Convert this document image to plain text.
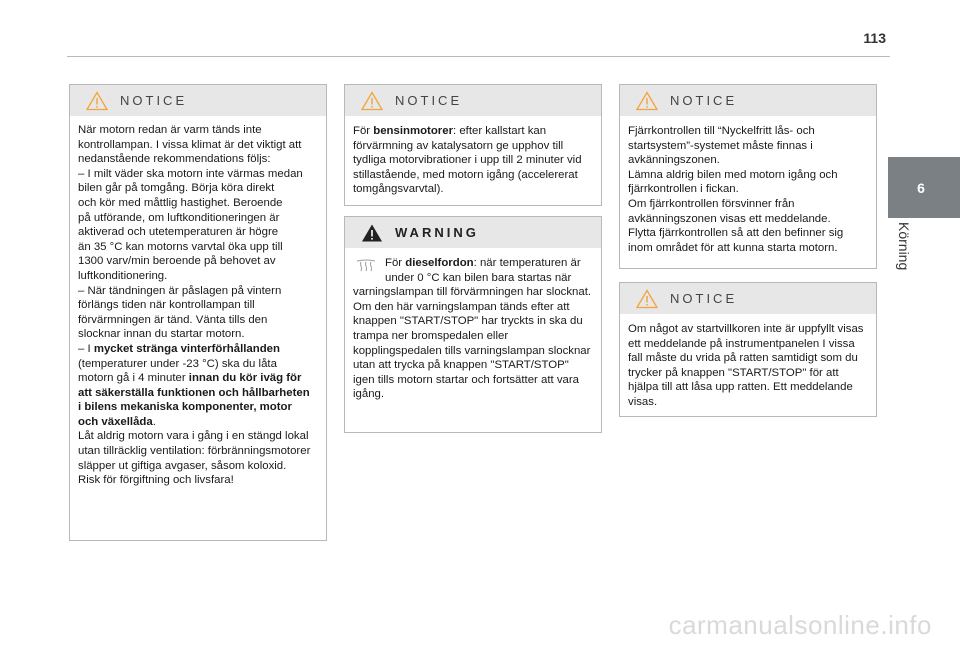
113
6
Körning
NOTICE

När motorn redan är varm tänds inte

kontrollampan. I vissa klimat är det viktigt att

nedanstående rekommendations följs:

– I milt väder ska motorn inte värmas medan

bilen går på tomgång. Börja köra direkt

och kör med måttlig hastighet. Beroende

på utförande, om luftkonditioneringen är

aktiverad och utetemperaturen är högre

än 35 °C kan motorns varvtal öka upp till

1300 varv/min beroende på behovet av

luftkonditionering.

– När tändningen är påslagen på vintern

förlängs tiden när kontrollampan till

förvärmningen är tänd. Vänta tills den

slocknar innan du startar motorn.

– I mycket stränga vinterförhållanden (temperaturer under -23 °C) ska du låta motorn gå i 4 minuter innan du kör iväg för att säkerställa funktionen och hållbarheten i bilens mekaniska komponenter, motor och växellåda.

Låt aldrig motorn vara i gång i en stängd lokal

utan tillräcklig ventilation: förbränningsmotorer

släpper ut giftiga avgaser, såsom koloxid.

Risk för förgiftning och livsfara!

NOTICE

För bensinmotorer: efter kallstart kan förvärmning av katalysatorn ge upphov till tydliga motorvibrationer i upp till 2 minuter vid stillastående, med motorn igång (accelererat tomgångsvarvtal).

WARNING

För dieselfordon: när temperaturen är under 0 °C kan bilen bara startas när varningslampan till förvärmningen har slocknat.

Om den här varningslampan tänds efter att knappen "START/STOP" har tryckts in ska du trampa ner bromspedalen eller kopplingspedalen tills varningslampan slocknar utan att trycka på knappen "START/STOP" igen tills motorn startar och fortsätter att vara igång.

NOTICE

Fjärrkontrollen till “Nyckelfritt lås- och startsystem”-systemet måste finnas i avkänningszonen.

Lämna aldrig bilen med motorn igång och fjärrkontrollen i fickan.

Om fjärrkontrollen försvinner från avkänningszonen visas ett meddelande.

Flytta fjärrkontrollen så att den befinner sig inom området för att kunna starta motorn.

NOTICE

Om något av startvillkoren inte är uppfyllt visas ett meddelande på instrumentpanelen I vissa fall måste du vrida på ratten samtidigt som du trycker på knappen "START/STOP" för att hjälpa till att låsa upp ratten. Ett meddelande visas.

carmanualsonline.info
